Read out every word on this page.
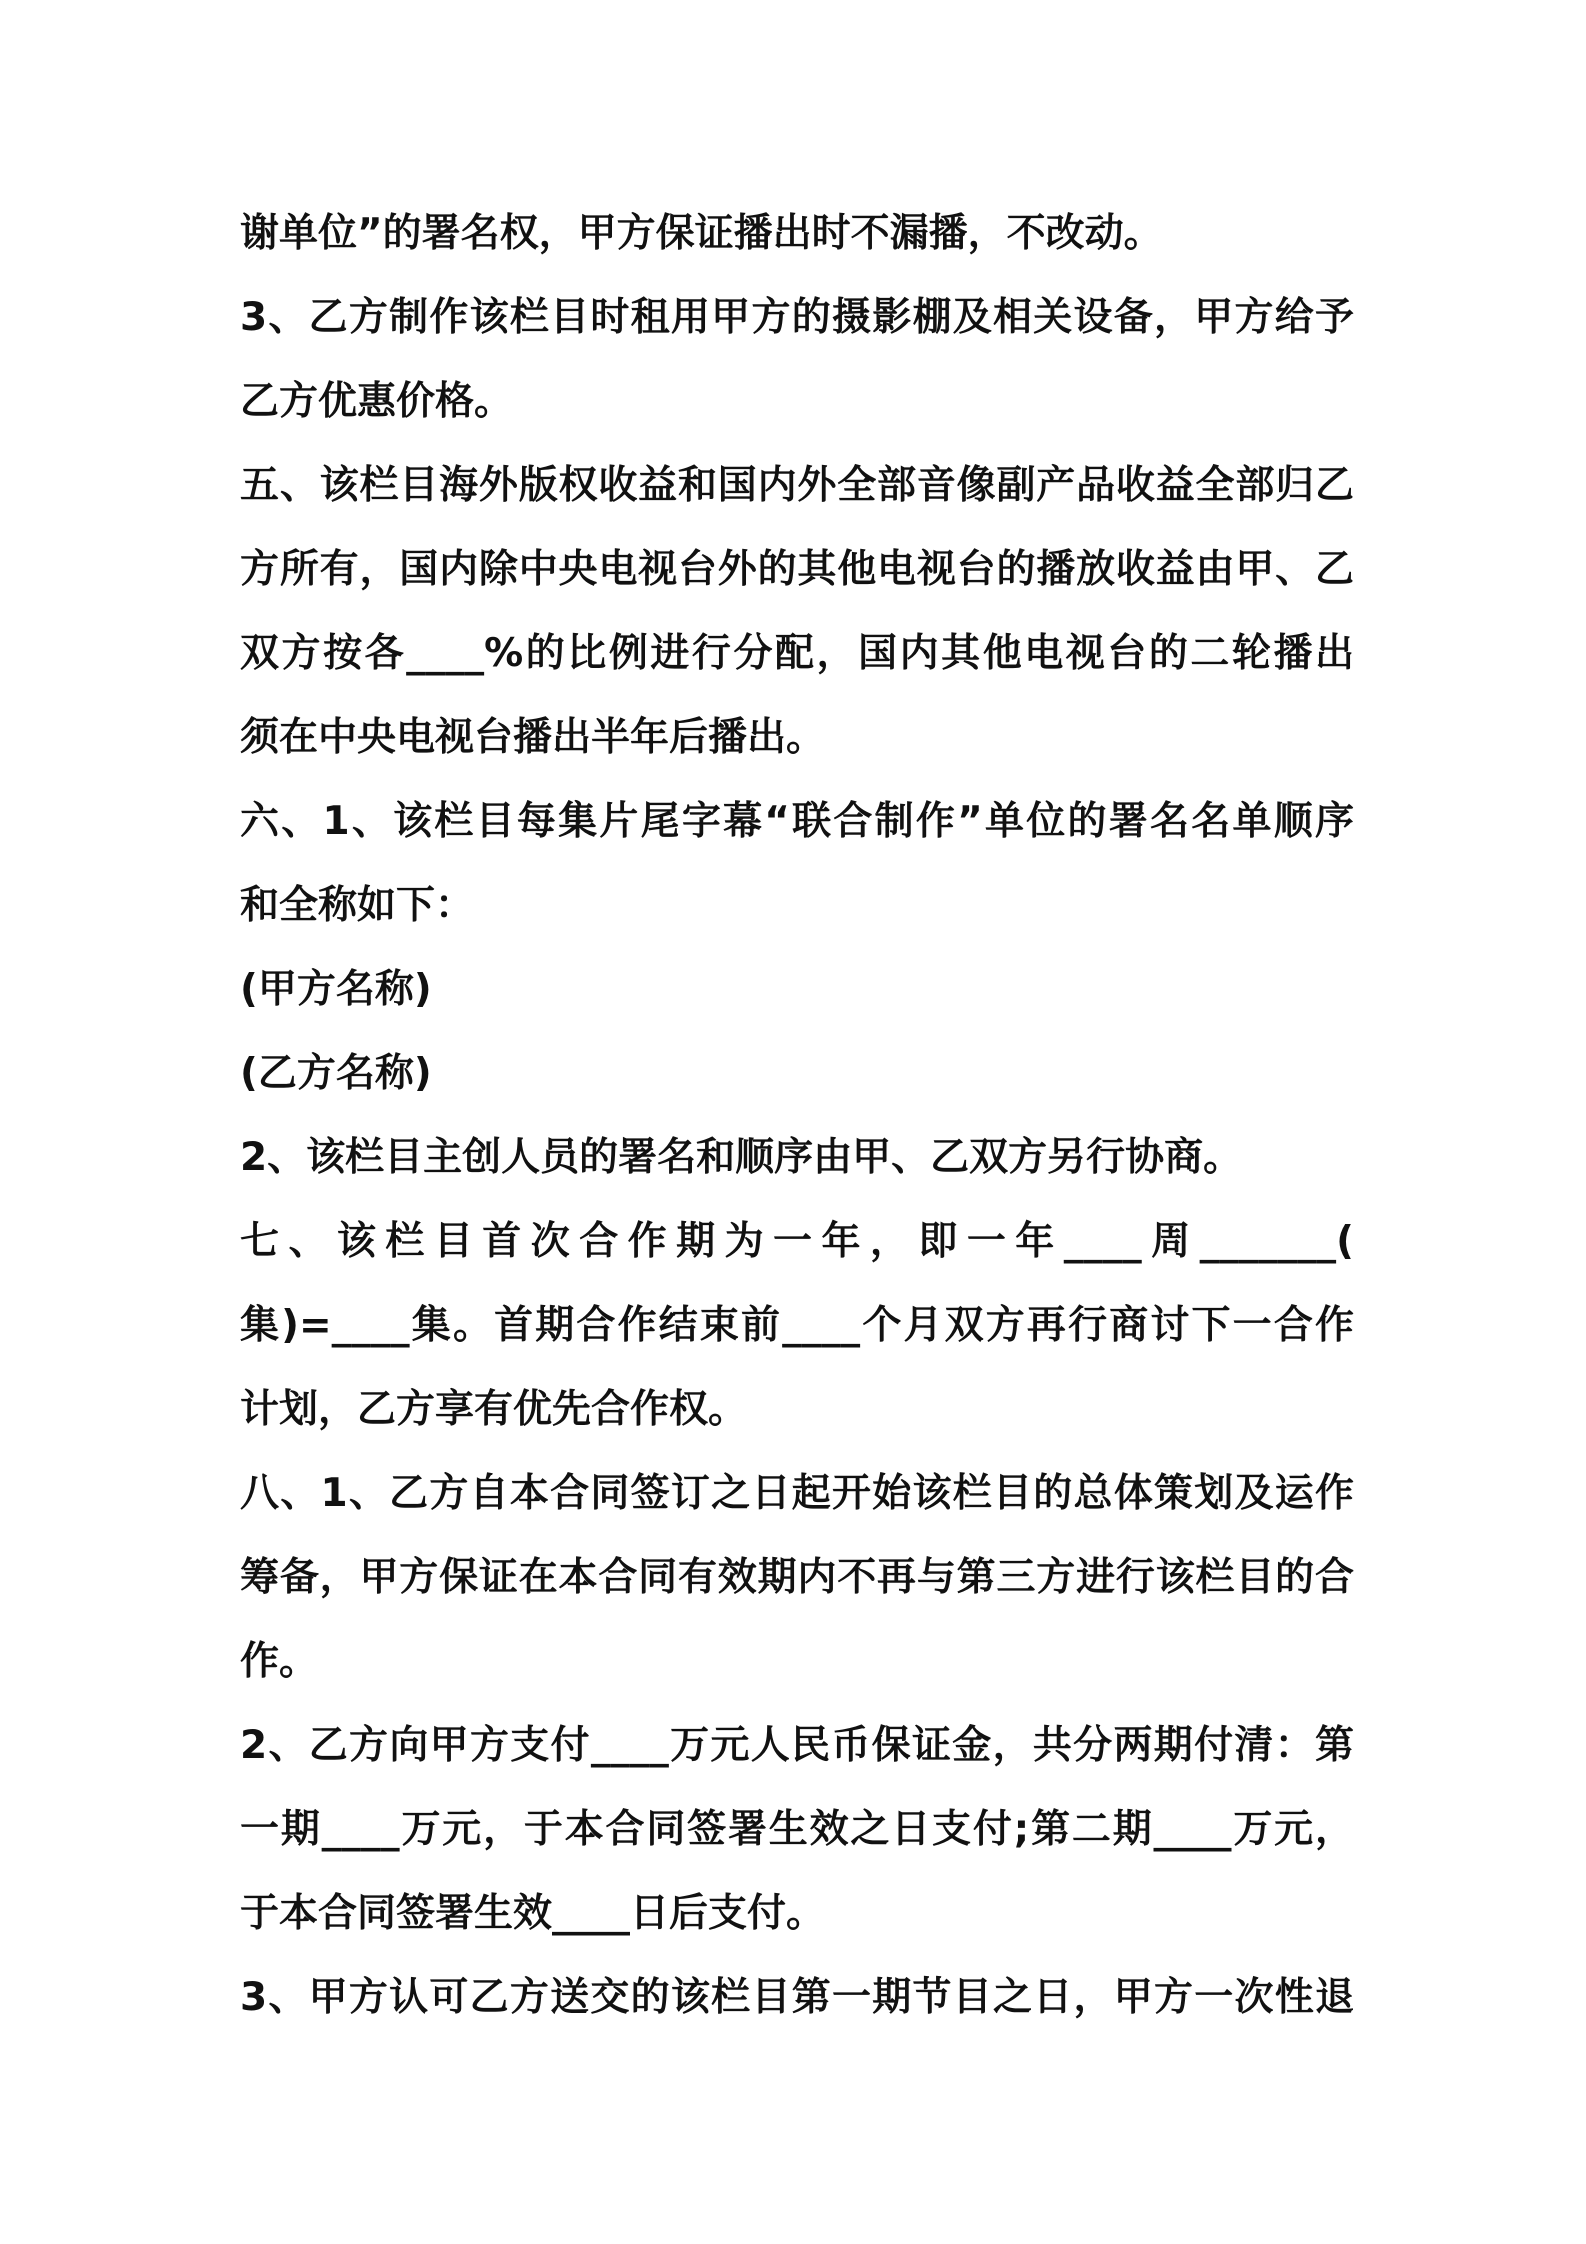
谢单位”的署名权，甲方保证播出时不漏播，不改动。
3、乙方制作该栏目时租用甲方的摄影棚及相关设备，甲方给予
乙方优惠价格。
五、该栏目海外版权收益和国内外全部音像副产品收益全部归乙
方所有，国内除中央电视台外的其他电视台的播放收益由甲、乙
双方按各____%的比例进行分配，国内其他电视台的二轮播出
须在中央电视台播出半年后播出。
六、1、该栏目每集片尾字幕“联合制作”单位的署名名单顺序
和全称如下：
(甲方名称)
(乙方名称)
2、该栏目主创人员的署名和顺序由甲、乙双方另行协商。
七、该栏目首次合作期为一年，即一年____周_______(
集)=____集。首期合作结束前____个月双方再行商讨下一合作
计划，乙方享有优先合作权。
八、1、乙方自本合同签订之日起开始该栏目的总体策划及运作
筹备，甲方保证在本合同有效期内不再与第三方进行该栏目的合
作。
2、乙方向甲方支付____万元人民币保证金，共分两期付清：第
一期____万元，于本合同签署生效之日支付;第二期____万元，
于本合同签署生效____日后支付。
3、甲方认可乙方送交的该栏目第一期节目之日，甲方一次性退
